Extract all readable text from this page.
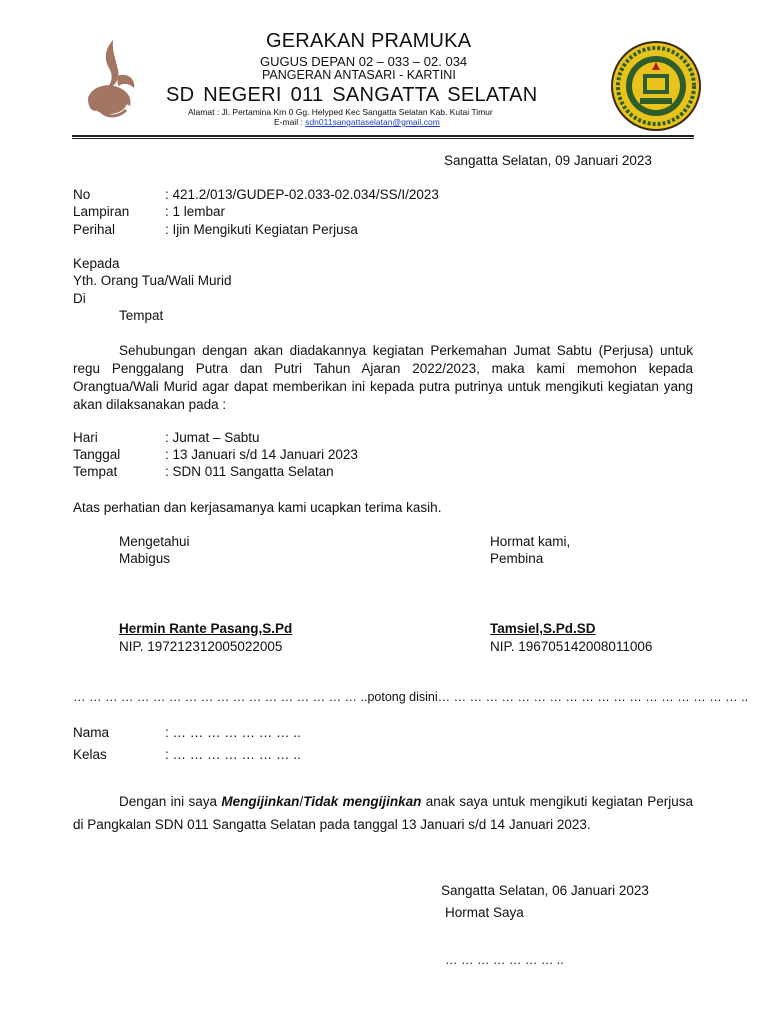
GERAKAN PRAMUKA
GUGUS DEPAN 02 – 033 – 02. 034
PANGERAN ANTASARI - KARTINI
SD NEGERI 011 SANGATTA SELATAN
Alamat : Jl. Pertamina Km 0 Gg. Helyped Kec Sangatta Selatan Kab. Kutai Timur
E-mail : sdn011sangattaselatan@gmail.com
Sangatta Selatan, 09 Januari 2023
No	: 421.2/013/GUDEP-02.033-02.034/SS/I/2023
Lampiran	: 1 lembar
Perihal	: Ijin Mengikuti Kegiatan Perjusa
Kepada
Yth. Orang Tua/Wali Murid
Di
Tempat
Sehubungan dengan akan diadakannya kegiatan Perkemahan Jumat Sabtu (Perjusa) untuk regu Penggalang Putra dan Putri Tahun Ajaran 2022/2023, maka kami memohon kepada Orangtua/Wali Murid agar dapat memberikan ini kepada putra putrinya untuk mengikuti kegiatan yang akan dilaksanakan pada :
Hari	: Jumat – Sabtu
Tanggal	: 13 Januari s/d 14 Januari 2023
Tempat	: SDN 011 Sangatta Selatan
Atas perhatian dan kerjasamanya kami ucapkan terima kasih.
Mengetahui
Mabigus
Hormat kami,
Pembina
Hermin Rante Pasang,S.Pd
NIP. 197212312005022005
Tamsiel,S.Pd.SD
NIP. 196705142008011006
… … … … … … … … … … … … … … … … … … ..potong disini… … … … … … … … … … … … … … … … … … … ..
Nama	: … … … … … … … ..
Kelas	: … … … … … … … ..
Dengan ini saya Mengijinkan/Tidak mengijinkan anak saya untuk mengikuti kegiatan Perjusa di Pangkalan SDN 011 Sangatta Selatan pada tanggal 13 Januari s/d 14 Januari 2023.
Sangatta Selatan, 06 Januari 2023
Hormat Saya
… … … … … … … ..
